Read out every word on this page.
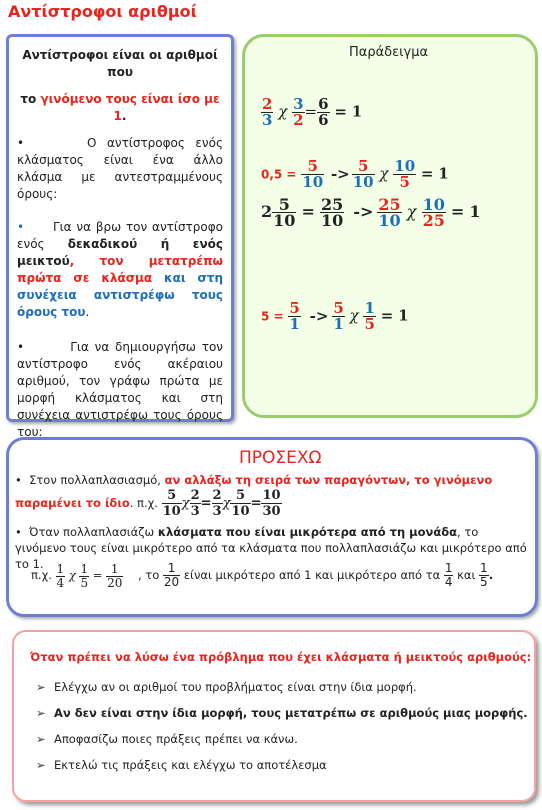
Αντίστροφοι αριθμοί

Αντίστροφοι είναι οι αριθμοί που

το γινόμενο τους είναι ίσο με 1.

•      Ο αντίστροφος ενός κλάσματος είναι ένα άλλο κλάσμα με αντεστραμμένους όρους:

•      Για να βρω τον αντίστροφο ενός δεκαδικού ή ενός μεικτού, τον μετατρέπω πρώτα σε κλάσμα και στη συνέχεια αντιστρέφω τους όρους του.

•        Για να δημιουργήσω τον αντίστροφο ενός ακέραιου αριθμού, τον γράφω πρώτα με μορφή κλάσματος και στη συνέχεια αντιστρέφω τους όρους του:

Παράδειγμα
$\frac{2}{3}$ χ $\frac{3}{2} = \frac{6}{6} = 1$
$0,5 = \frac{5}{10} -> \frac{5}{10}$ χ $\frac{10}{5} = 1$
$2 \frac{5}{10} = \frac{25}{10} -> \frac{25}{10}$ χ $\frac{10}{25} = 1$
$5 = \frac{5}{1} -> \frac{5}{1}$ χ $\frac{1}{5} = 1$
ΠΡΟΣΕΧΩ
•  Στον πολλαπλασιασμό, αν αλλάξω τη σειρά των παραγόντων, το γινόμενο παραμένει το ίδιο. π.χ. $\frac{5}{10}$ χ $\frac{2}{3} = \frac{2}{3}$ χ $\frac{5}{10} = \frac{10}{30}$
•  Όταν πολλαπλασιάζω κλάσματα που είναι μικρότερα από τη μονάδα, το γινόμενο τους είναι μικρότερο από τα κλάσματα που πολλαπλασιάζω και μικρότερο από το 1.
π.χ. $\frac{1}{4}$ χ $\frac{1}{5} = \frac{1}{20}$ , το $\frac{1}{20}$ είναι μικρότερο από 1 και μικρότερο από τα $\frac{1}{4}$ και $\frac{1}{5}$ .
Όταν πρέπει να λύσω ένα πρόβλημα που έχει κλάσματα ή μεικτούς αριθμούς:
➢ Ελέγχω αν οι αριθμοί του προβλήματος είναι στην ίδια μορφή.
➢ Αν δεν είναι στην ίδια μορφή, τους μετατρέπω σε αριθμούς μιας μορφής.
➢ Αποφασίζω ποιες πράξεις πρέπει να κάνω.
➢ Εκτελώ τις πράξεις και ελέγχω το αποτέλεσμα
